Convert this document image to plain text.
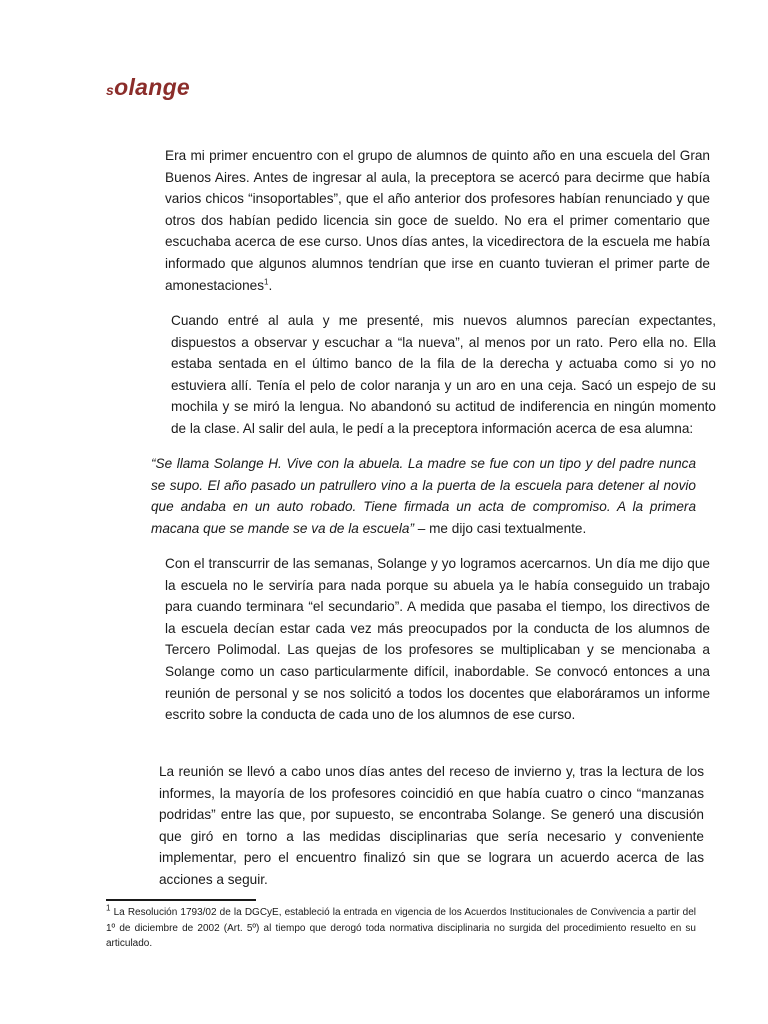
solange
Era mi primer encuentro con el grupo de alumnos de quinto año en una escuela del Gran Buenos Aires. Antes de ingresar al aula, la preceptora se acercó para decirme que había varios chicos “insoportables”, que el año anterior dos profesores habían renunciado y que otros dos habían pedido licencia sin goce de sueldo. No era el primer comentario que escuchaba acerca de ese curso. Unos días antes, la vicedirectora de la escuela me había informado que algunos alumnos tendrían que irse en cuanto tuvieran el primer parte de amonestaciones$^1$.
Cuando entré al aula y me presenté, mis nuevos alumnos parecían expectantes, dispuestos a observar y escuchar a “la nueva”, al menos por un rato. Pero ella no. Ella estaba sentada en el último banco de la fila de la derecha y actuaba como si yo no estuviera allí. Tenía el pelo de color naranja y un aro en una ceja. Sacó un espejo de su mochila y se miró la lengua. No abandonó su actitud de indiferencia en ningún momento de la clase. Al salir del aula, le pedí a la preceptora información acerca de esa alumna:
“Se llama Solange H. Vive con la abuela. La madre se fue con un tipo y del padre nunca se supo. El año pasado un patrullero vino a la puerta de la escuela para detener al novio que andaba en un auto robado. Tiene firmada un acta de compromiso. A la primera macana que se mande se va de la escuela” – me dijo casi textualmente.
Con el transcurrir de las semanas, Solange y yo logramos acercarnos. Un día me dijo que la escuela no le serviría para nada porque su abuela ya le había conseguido un trabajo para cuando terminara “el secundario”. A medida que pasaba el tiempo, los directivos de la escuela decían estar cada vez más preocupados por la conducta de los alumnos de Tercero Polimodal. Las quejas de los profesores se multiplicaban y se mencionaba a Solange como un caso particularmente difícil, inabordable. Se convocó entonces a una reunión de personal y se nos solicitó a todos los docentes que elaboráramos un informe escrito sobre la conducta de cada uno de los alumnos de ese curso.
La reunión se llevó a cabo unos días antes del receso de invierno y, tras la lectura de los informes, la mayoría de los profesores coincidió en que había cuatro o cinco “manzanas podridas” entre las que, por supuesto, se encontraba Solange. Se generó una discusión que giró en torno a las medidas disciplinarias que sería necesario y conveniente implementar, pero el encuentro finalizó sin que se lograra un acuerdo acerca de las acciones a seguir.
$^1$ La Resolución 1793/02 de la DGCyE, estableció la entrada en vigencia de los Acuerdos Institucionales de Convivencia a partir del 1º de diciembre de 2002 (Art. 5º) al tiempo que derogó toda normativa disciplinaria no surgida del procedimiento resuelto en su articulado.
